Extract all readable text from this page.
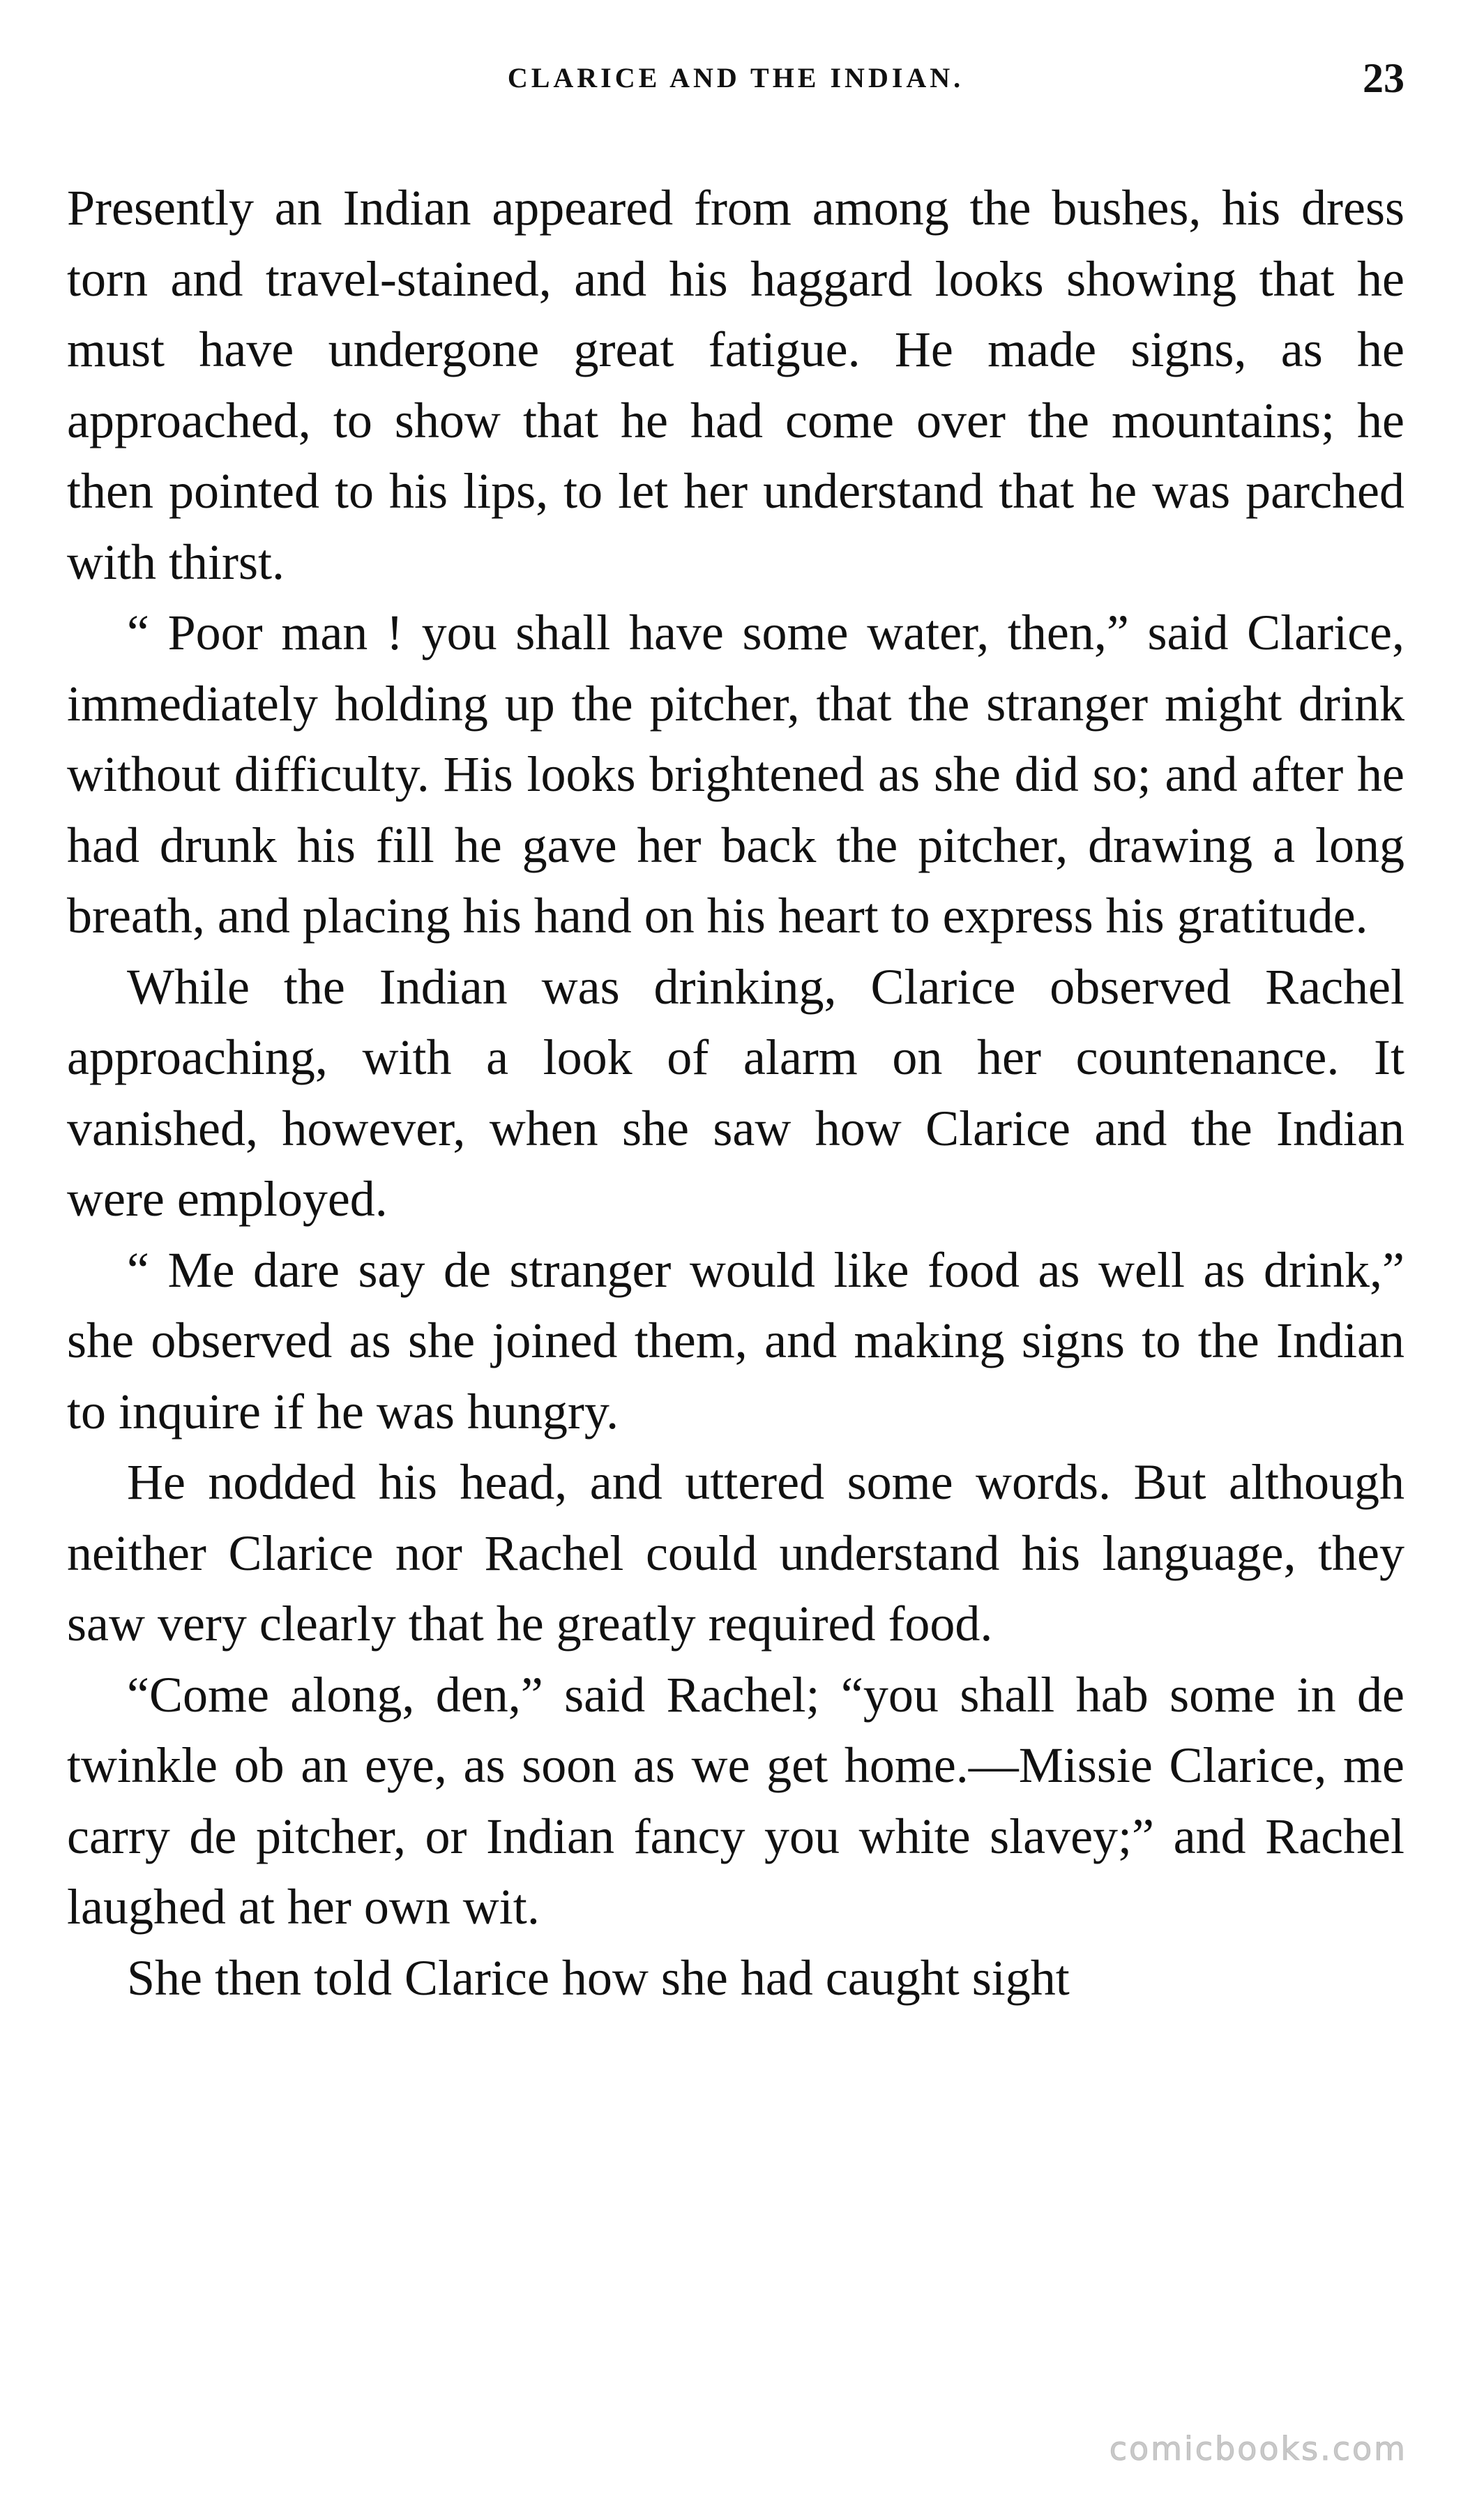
CLARICE AND THE INDIAN.	23

Presently an Indian appeared from among the bushes, his dress torn and travel-stained, and his haggard looks showing that he must have undergone great fatigue. He made signs, as he approached, to show that he had come over the mountains; he then pointed to his lips, to let her understand that he was parched with thirst.

“ Poor man ! you shall have some water, then,” said Clarice, immediately holding up the pitcher, that the stranger might drink without difficulty. His looks brightened as she did so; and after he had drunk his fill he gave her back the pitcher, drawing a long breath, and placing his hand on his heart to express his gratitude.

While the Indian was drinking, Clarice observed Rachel approaching, with a look of alarm on her countenance. It vanished, however, when she saw how Clarice and the Indian were employed.

“ Me dare say de stranger would like food as well as drink,” she observed as she joined them, and making signs to the Indian to inquire if he was hungry.

He nodded his head, and uttered some words. But although neither Clarice nor Rachel could understand his language, they saw very clearly that he greatly required food.

“Come along, den,” said Rachel; “you shall hab some in de twinkle ob an eye, as soon as we get home.—Missie Clarice, me carry de pitcher, or Indian fancy you white slavey;” and Rachel laughed at her own wit.

She then told Clarice how she had caught sight

comicbooks.com
